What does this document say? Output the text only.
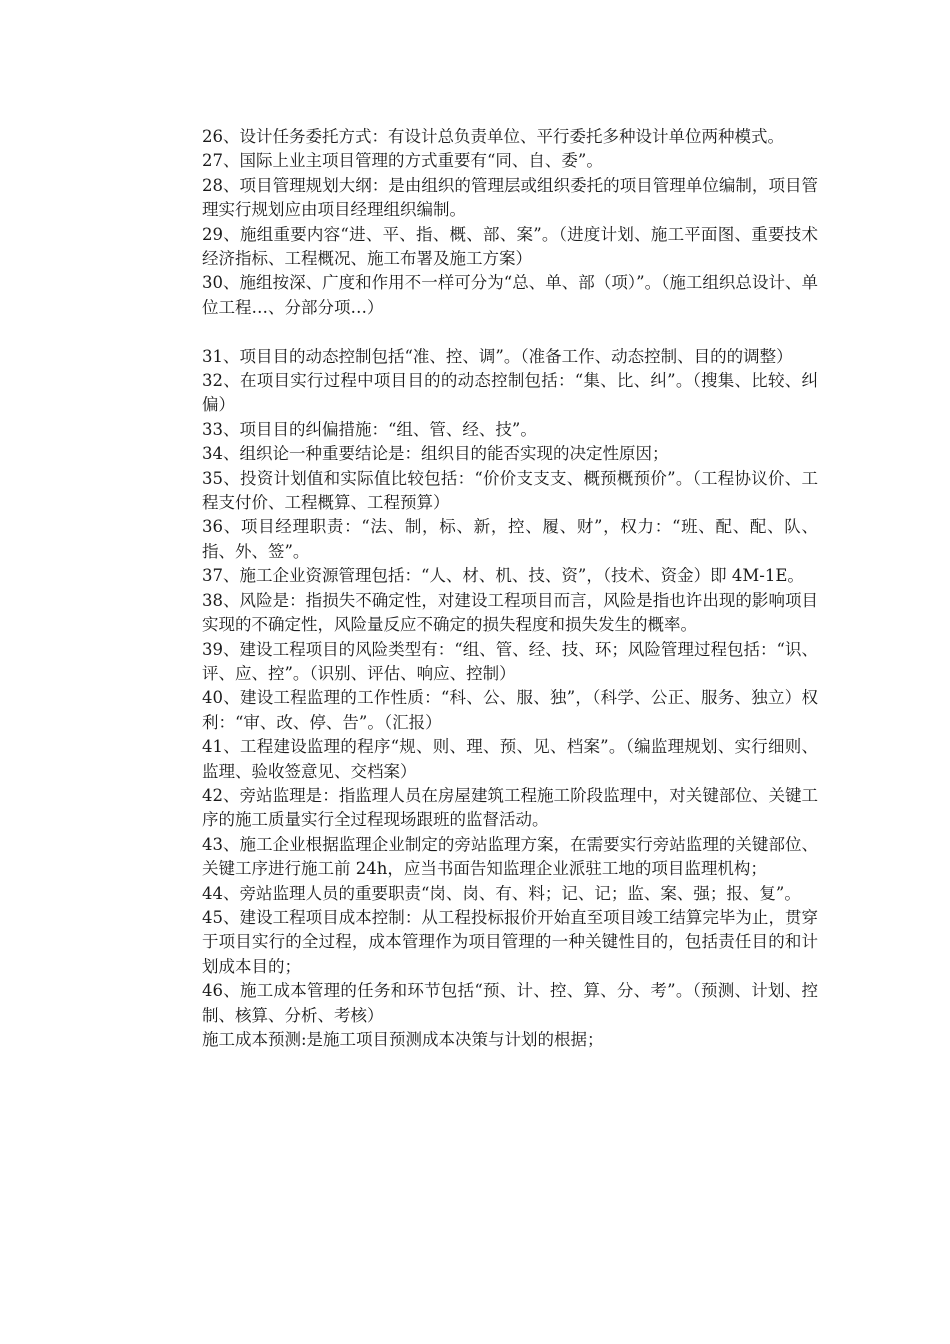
26、设计任务委托方式：有设计总负责单位、平行委托多种设计单位两种模式。

27、国际上业主项目管理的方式重要有“同、自、委”。

28、项目管理规划大纲：是由组织的管理层或组织委托的项目管理单位编制，项目管理实行规划应由项目经理组织编制。

29、施组重要内容“进、平、指、概、部、案”。（进度计划、施工平面图、重要技术经济指标、工程概况、施工布署及施工方案）

30、施组按深、广度和作用不一样可分为“总、单、部（项）”。（施工组织总设计、单位工程…、分部分项…）

31、项目目的动态控制包括“准、控、调”。（准备工作、动态控制、目的的调整）

32、在项目实行过程中项目目的的动态控制包括：“集、比、纠”。（搜集、比较、纠偏）

33、项目目的纠偏措施：“组、管、经、技”。

34、组织论一种重要结论是：组织目的能否实现的决定性原因；

35、投资计划值和实际值比较包括：“价价支支支、概预概预价”。（工程协议价、工程支付价、工程概算、工程预算）

36、项目经理职责：“法、制，标、新，控、履、财”，权力：“班、配、配、队、指、外、签”。

37、施工企业资源管理包括：“人、材、机、技、资”，（技术、资金）即 4M-1E。

38、风险是：指损失不确定性，对建设工程项目而言，风险是指也许出现的影响项目实现的不确定性，风险量反应不确定的损失程度和损失发生的概率。

39、建设工程项目的风险类型有：“组、管、经、技、环；风险管理过程包括：“识、评、应、控”。（识别、评估、响应、控制）

40、建设工程监理的工作性质：“科、公、服、独”，（科学、公正、服务、独立）权利：“审、改、停、告”。（汇报）

41、工程建设监理的程序“规、则、理、预、见、档案”。（编监理规划、实行细则、监理、验收签意见、交档案）

42、旁站监理是：指监理人员在房屋建筑工程施工阶段监理中，对关键部位、关键工序的施工质量实行全过程现场跟班的监督活动。

43、施工企业根据监理企业制定的旁站监理方案，在需要实行旁站监理的关键部位、关键工序进行施工前 24h，应当书面告知监理企业派驻工地的项目监理机构；

44、旁站监理人员的重要职责“岗、岗、有、料；记、记；监、案、强；报、复”。

45、建设工程项目成本控制：从工程投标报价开始直至项目竣工结算完毕为止，贯穿于项目实行的全过程，成本管理作为项目管理的一种关键性目的，包括责任目的和计划成本目的；

46、施工成本管理的任务和环节包括“预、计、控、算、分、考”。（预测、计划、控制、核算、分析、考核）

施工成本预测:是施工项目预测成本决策与计划的根据；
